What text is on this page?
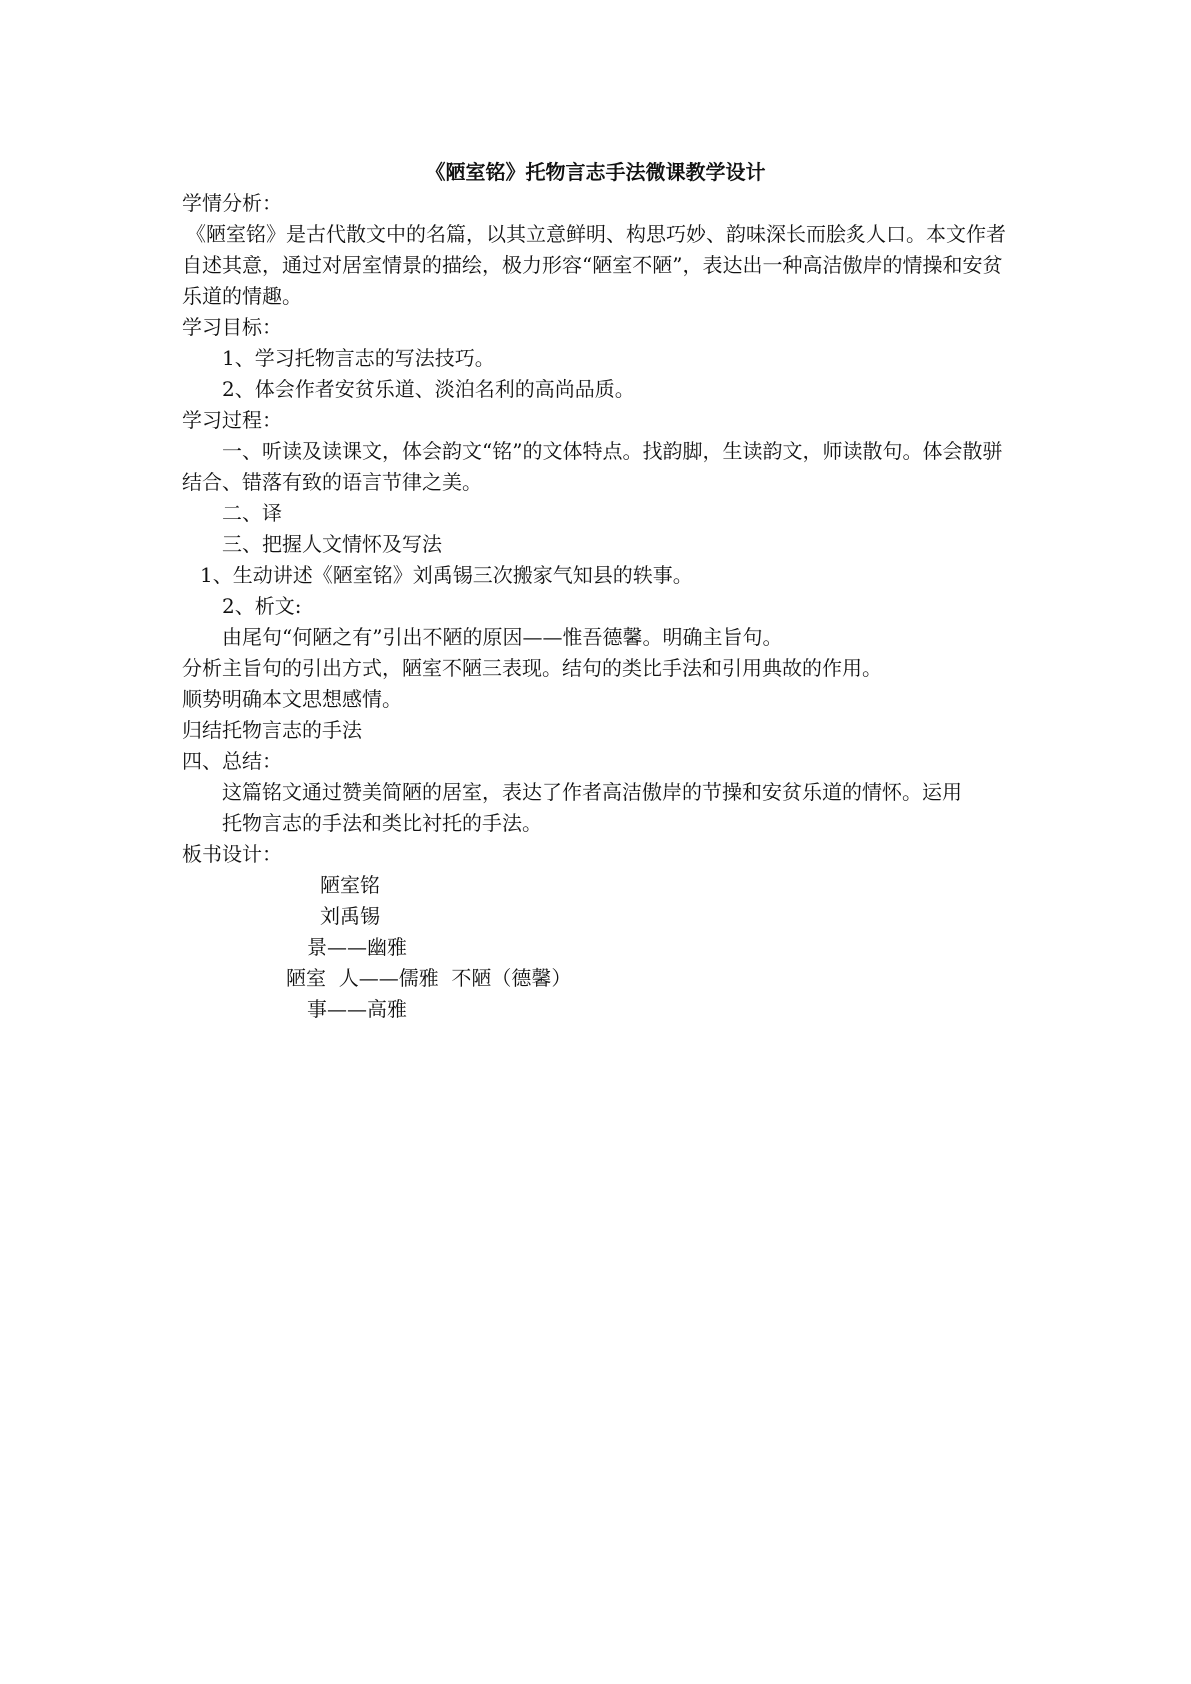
《陋室铭》托物言志手法微课教学设计
学情分析：
《陋室铭》是古代散文中的名篇，以其立意鲜明、构思巧妙、韵味深长而脍炙人口。本文作者自述其意，通过对居室情景的描绘，极力形容“陋室不陋”，表达出一种高洁傲岸的情操和安贫乐道的情趣。
学习目标：
1、学习托物言志的写法技巧。
2、体会作者安贫乐道、淡泊名利的高尚品质。
学习过程：
一、听读及读课文，体会韵文“铭”的文体特点。找韵脚，生读韵文，师读散句。体会散骈结合、错落有致的语言节律之美。
二、译
三、把握人文情怀及写法
1、生动讲述《陋室铭》刘禹锡三次搬家气知县的轶事。
2、析文:
由尾句“何陋之有”引出不陋的原因——惟吾德馨。明确主旨句。
分析主旨句的引出方式，陋室不陋三表现。结句的类比手法和引用典故的作用。
顺势明确本文思想感情。
归结托物言志的手法
四、总结：
这篇铭文通过赞美简陋的居室，表达了作者高洁傲岸的节操和安贫乐道的情怀。运用
托物言志的手法和类比衬托的手法。
板书设计：
陋室铭
刘禹锡
景——幽雅
陋室  人——儒雅  不陋（德馨）
事——高雅
